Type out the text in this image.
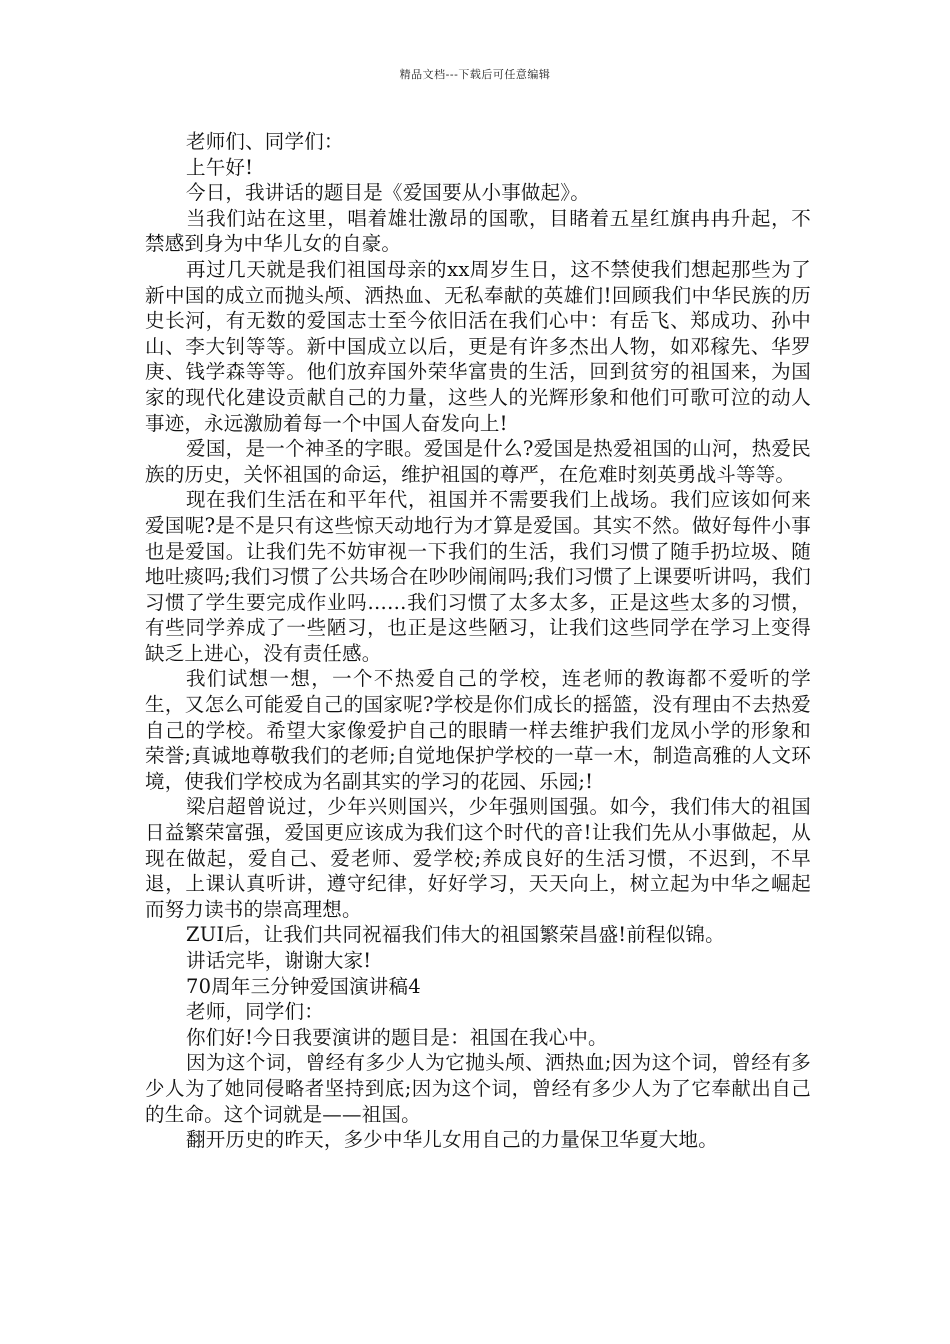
精品文档---下载后可任意编辑

老师们、同学们：

上午好!

今日，我讲话的题目是《爱国要从小事做起》。

当我们站在这里，唱着雄壮激昂的国歌，目睹着五星红旗冉冉升起，不禁感到身为中华儿女的自豪。

再过几天就是我们祖国母亲的xx周岁生日，这不禁使我们想起那些为了新中国的成立而抛头颅、洒热血、无私奉献的英雄们!回顾我们中华民族的历史长河，有无数的爱国志士至今依旧活在我们心中：有岳飞、郑成功、孙中山、李大钊等等。新中国成立以后，更是有许多杰出人物，如邓稼先、华罗庚、钱学森等等。他们放弃国外荣华富贵的生活，回到贫穷的祖国来，为国家的现代化建设贡献自己的力量，这些人的光辉形象和他们可歌可泣的动人事迹，永远激励着每一个中国人奋发向上!

爱国，是一个神圣的字眼。爱国是什么?爱国是热爱祖国的山河，热爱民族的历史，关怀祖国的命运，维护祖国的尊严，在危难时刻英勇战斗等等。

现在我们生活在和平年代，祖国并不需要我们上战场。我们应该如何来爱国呢?是不是只有这些惊天动地行为才算是爱国。其实不然。做好每件小事也是爱国。让我们先不妨审视一下我们的生活，我们习惯了随手扔垃圾、随地吐痰吗;我们习惯了公共场合在吵吵闹闹吗;我们习惯了上课要听讲吗，我们习惯了学生要完成作业吗……我们习惯了太多太多，正是这些太多的习惯，有些同学养成了一些陋习，也正是这些陋习，让我们这些同学在学习上变得缺乏上进心，没有责任感。

我们试想一想，一个不热爱自己的学校，连老师的教诲都不爱听的学生，又怎么可能爱自己的国家呢?学校是你们成长的摇篮，没有理由不去热爱自己的学校。希望大家像爱护自己的眼睛一样去维护我们龙凤小学的形象和荣誉;真诚地尊敬我们的老师;自觉地保护学校的一草一木，制造高雅的人文环境，使我们学校成为名副其实的学习的花园、乐园;!

梁启超曾说过，少年兴则国兴，少年强则国强。如今，我们伟大的祖国日益繁荣富强，爱国更应该成为我们这个时代的音!让我们先从小事做起，从现在做起，爱自己、爱老师、爱学校;养成良好的生活习惯，不迟到，不早退，上课认真听讲，遵守纪律，好好学习，天天向上，树立起为中华之崛起而努力读书的崇高理想。

ZUI后，让我们共同祝福我们伟大的祖国繁荣昌盛!前程似锦。

讲话完毕，谢谢大家!

70周年三分钟爱国演讲稿4

老师，同学们：

你们好!今日我要演讲的题目是：祖国在我心中。

因为这个词，曾经有多少人为它抛头颅、洒热血;因为这个词，曾经有多少人为了她同侵略者坚持到底;因为这个词，曾经有多少人为了它奉献出自己的生命。这个词就是——祖国。

翻开历史的昨天，多少中华儿女用自己的力量保卫华夏大地。
